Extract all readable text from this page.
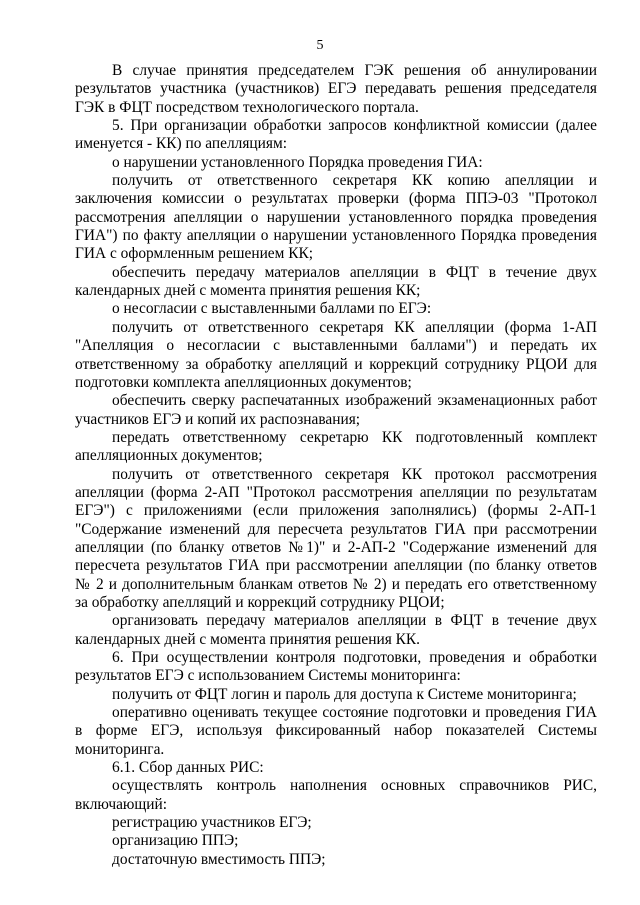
5

В случае принятия председателем ГЭК решения об аннулировании результатов участника (участников) ЕГЭ передавать решения председателя ГЭК в ФЦТ посредством технологического портала.

5. При организации обработки запросов конфликтной комиссии (далее именуется - КК) по апелляциям:

о нарушении установленного Порядка проведения ГИА:

получить от ответственного секретаря КК копию апелляции и заключения комиссии о результатах проверки (форма ППЭ-03 "Протокол рассмотрения апелляции о нарушении установленного порядка проведения ГИА") по факту апелляции о нарушении установленного Порядка проведения ГИА с оформленным решением КК;

обеспечить передачу материалов апелляции в ФЦТ в течение двух календарных дней с момента принятия решения КК;

о несогласии с выставленными баллами по ЕГЭ:

получить от ответственного секретаря КК апелляции (форма 1-АП "Апелляция о несогласии с выставленными баллами") и передать их ответственному за обработку апелляций и коррекций сотруднику РЦОИ для подготовки комплекта апелляционных документов;

обеспечить сверку распечатанных изображений экзаменационных работ участников ЕГЭ и копий их распознавания;

передать ответственному секретарю КК подготовленный комплект апелляционных документов;

получить от ответственного секретаря КК протокол рассмотрения апелляции (форма 2-АП "Протокол рассмотрения апелляции по результатам ЕГЭ") с приложениями (если приложения заполнялись) (формы 2-АП-1 "Содержание изменений для пересчета результатов ГИА при рассмотрении апелляции (по бланку ответов №1)" и 2-АП-2 "Содержание изменений для пересчета результатов ГИА при рассмотрении апелляции (по бланку ответов № 2 и дополнительным бланкам ответов № 2) и передать его ответственному за обработку апелляций и коррекций сотруднику РЦОИ;

организовать передачу материалов апелляции в ФЦТ в течение двух календарных дней с момента принятия решения КК.

6. При осуществлении контроля подготовки, проведения и обработки результатов ЕГЭ с использованием Системы мониторинга:

получить от ФЦТ логин и пароль для доступа к Системе мониторинга;

оперативно оценивать текущее состояние подготовки и проведения ГИА в форме ЕГЭ, используя фиксированный набор показателей Системы мониторинга.

6.1. Сбор данных РИС:

осуществлять контроль наполнения основных справочников РИС, включающий:

регистрацию участников ЕГЭ;

организацию ППЭ;

достаточную вместимость ППЭ;
